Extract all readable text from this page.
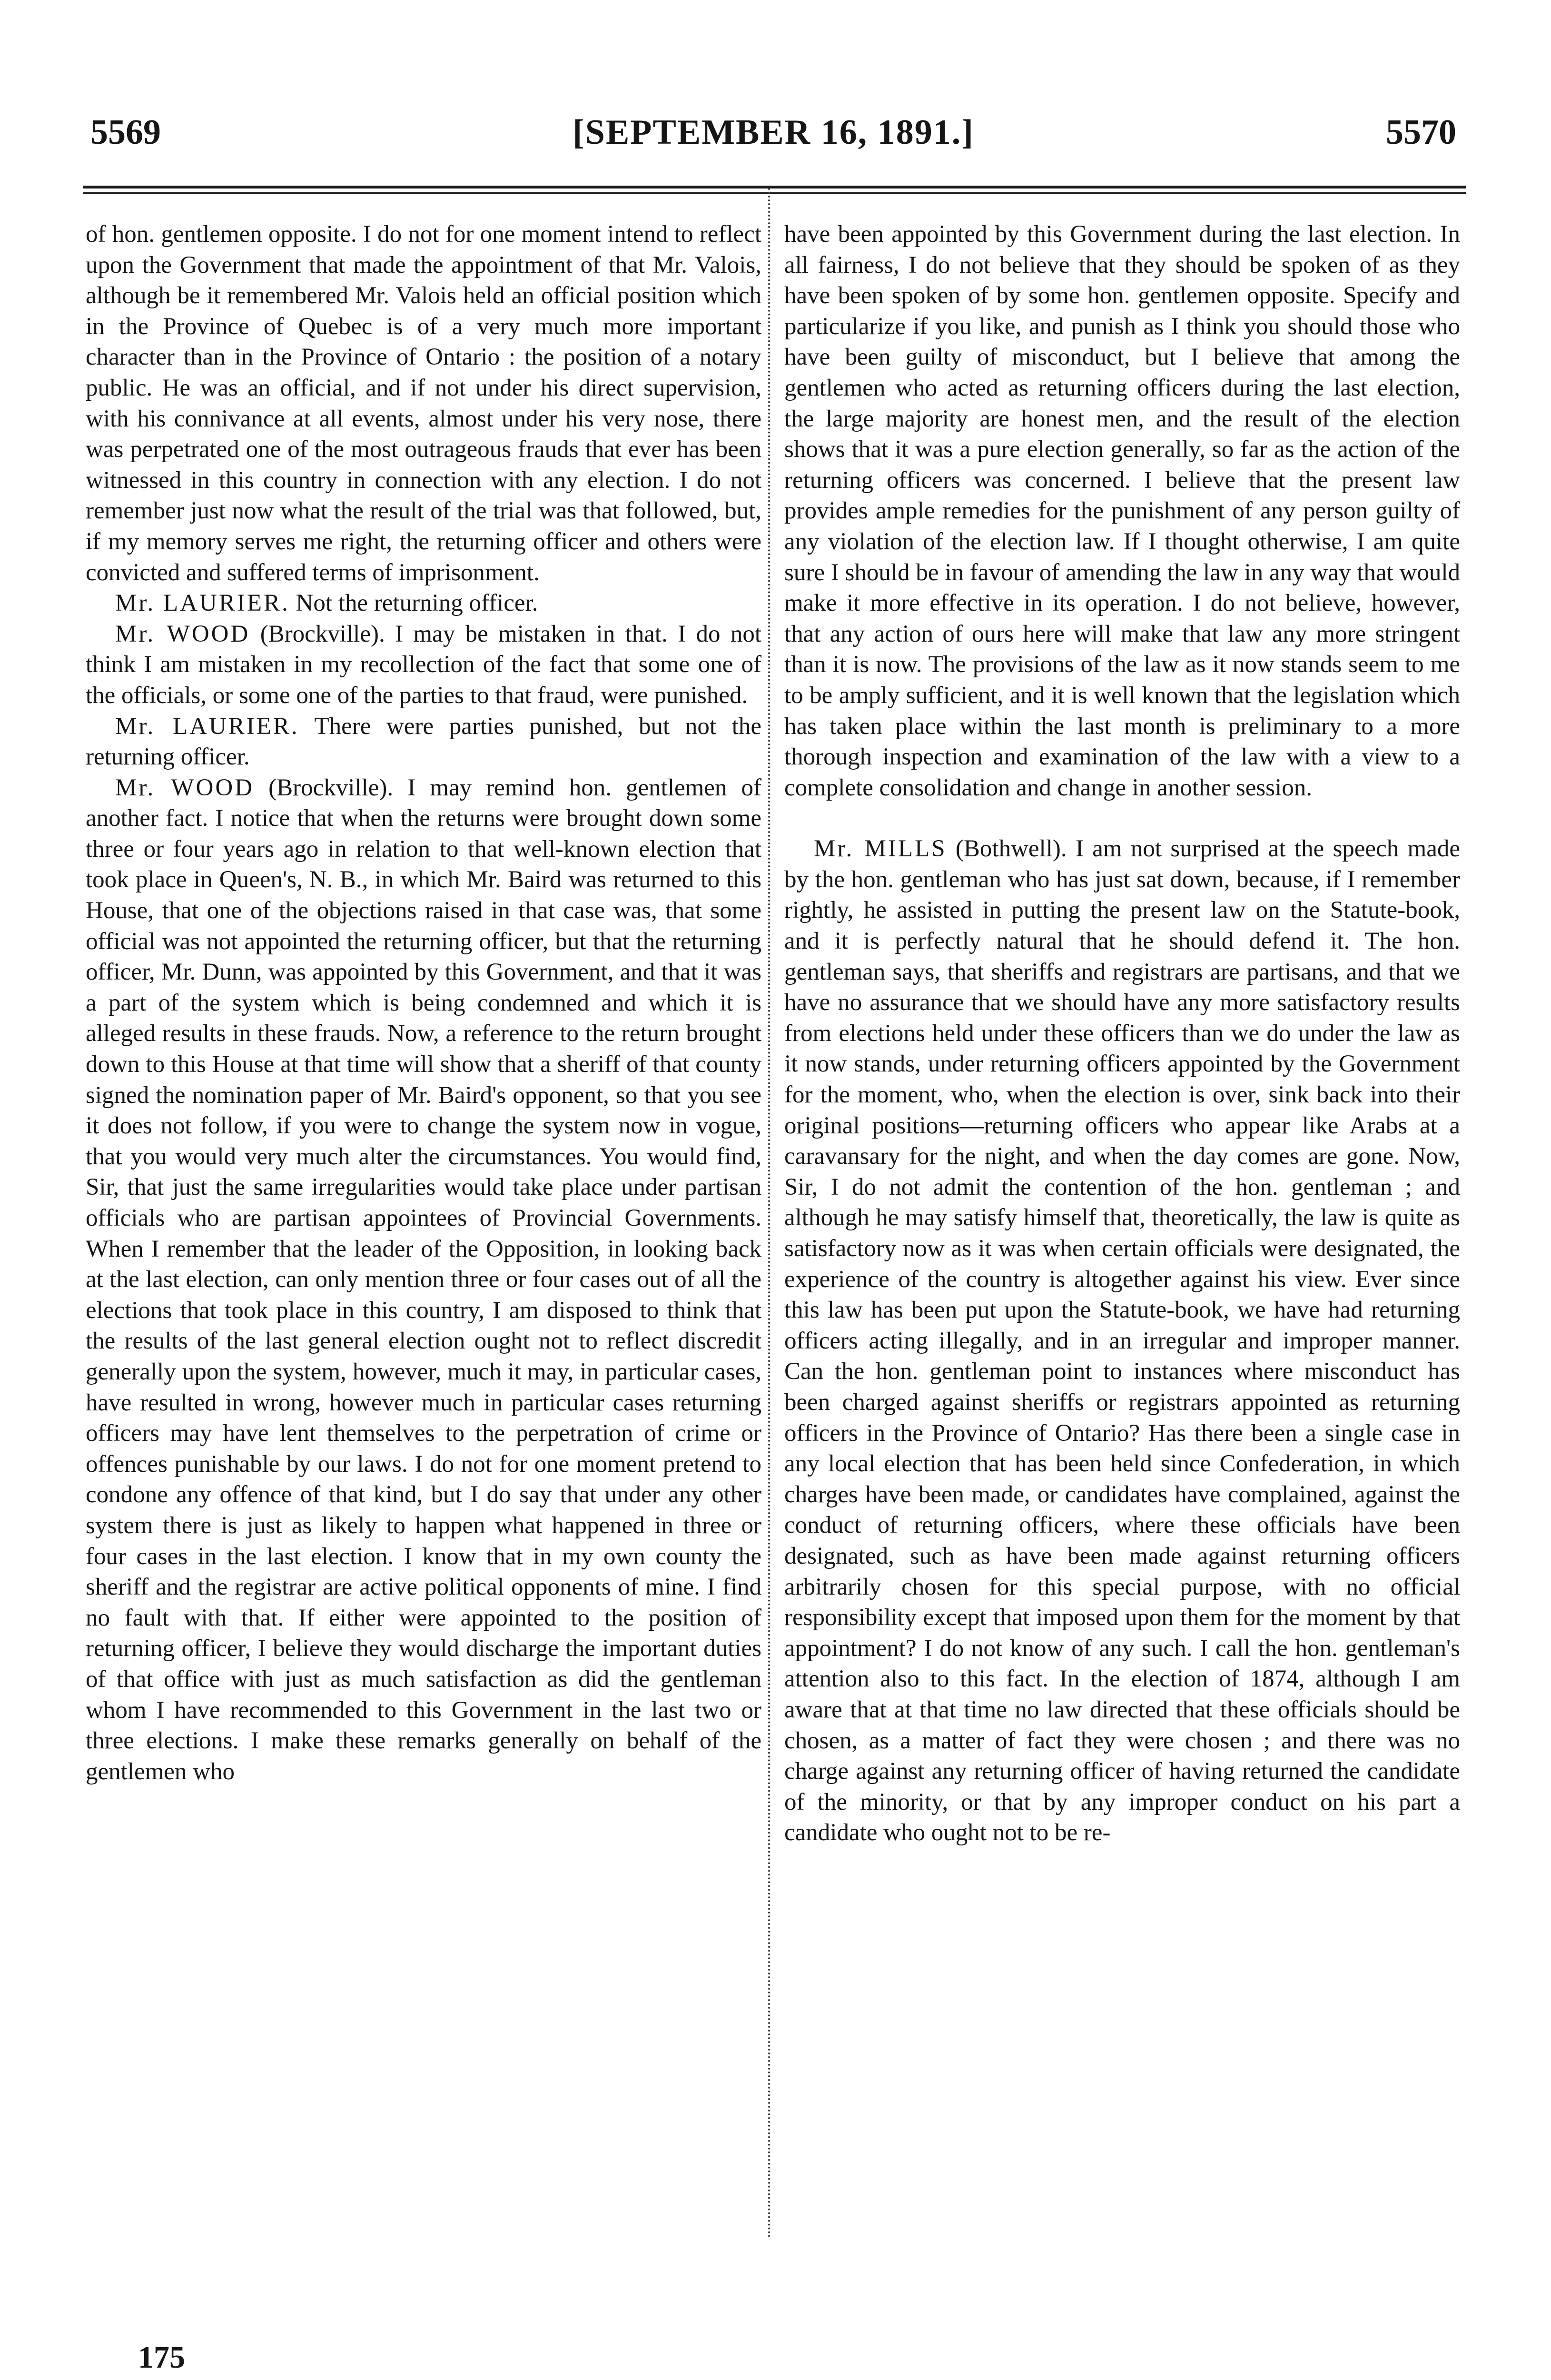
5569	[SEPTEMBER 16, 1891.]	5570

of hon. gentlemen opposite. I do not for one moment intend to reflect upon the Government that made the appointment of that Mr. Valois, although be it remembered Mr. Valois held an official position which in the Province of Quebec is of a very much more important character than in the Province of Ontario : the position of a notary public. He was an official, and if not under his direct supervision, with his connivance at all events, almost under his very nose, there was perpetrated one of the most outrageous frauds that ever has been witnessed in this country in connection with any election. I do not remember just now what the result of the trial was that followed, but, if my memory serves me right, the returning officer and others were convicted and suffered terms of imprisonment.

Mr. LAURIER. Not the returning officer.

Mr. WOOD (Brockville). I may be mistaken in that. I do not think I am mistaken in my recollection of the fact that some one of the officials, or some one of the parties to that fraud, were punished.

Mr. LAURIER. There were parties punished, but not the returning officer.

Mr. WOOD (Brockville). I may remind hon. gentlemen of another fact. I notice that when the returns were brought down some three or four years ago in relation to that well-known election that took place in Queen's, N. B., in which Mr. Baird was returned to this House, that one of the objections raised in that case was, that some official was not appointed the returning officer, but that the returning officer, Mr. Dunn, was appointed by this Government, and that it was a part of the system which is being condemned and which it is alleged results in these frauds. Now, a reference to the return brought down to this House at that time will show that a sheriff of that county signed the nomination paper of Mr. Baird's opponent, so that you see it does not follow, if you were to change the system now in vogue, that you would very much alter the circumstances. You would find, Sir, that just the same irregularities would take place under partisan officials who are partisan appointees of Provincial Governments. When I remember that the leader of the Opposition, in looking back at the last election, can only mention three or four cases out of all the elections that took place in this country, I am disposed to think that the results of the last general election ought not to reflect discredit generally upon the system, however, much it may, in particular cases, have resulted in wrong, however much in particular cases returning officers may have lent themselves to the perpetration of crime or offences punishable by our laws. I do not for one moment pretend to condone any offence of that kind, but I do say that under any other system there is just as likely to happen what happened in three or four cases in the last election. I know that in my own county the sheriff and the registrar are active political opponents of mine. I find no fault with that. If either were appointed to the position of returning officer, I believe they would discharge the important duties of that office with just as much satisfaction as did the gentleman whom I have recommended to this Government in the last two or three elections. I make these remarks generally on behalf of the gentlemen who

have been appointed by this Government during the last election. In all fairness, I do not believe that they should be spoken of as they have been spoken of by some hon. gentlemen opposite. Specify and particularize if you like, and punish as I think you should those who have been guilty of misconduct, but I believe that among the gentlemen who acted as returning officers during the last election, the large majority are honest men, and the result of the election shows that it was a pure election generally, so far as the action of the returning officers was concerned. I believe that the present law provides ample remedies for the punishment of any person guilty of any violation of the election law. If I thought otherwise, I am quite sure I should be in favour of amending the law in any way that would make it more effective in its operation. I do not believe, however, that any action of ours here will make that law any more stringent than it is now. The provisions of the law as it now stands seem to me to be amply sufficient, and it is well known that the legislation which has taken place within the last month is preliminary to a more thorough inspection and examination of the law with a view to a complete consolidation and change in another session.

Mr. MILLS (Bothwell). I am not surprised at the speech made by the hon. gentleman who has just sat down, because, if I remember rightly, he assisted in putting the present law on the Statute-book, and it is perfectly natural that he should defend it. The hon. gentleman says, that sheriffs and registrars are partisans, and that we have no assurance that we should have any more satisfactory results from elections held under these officers than we do under the law as it now stands, under returning officers appointed by the Government for the moment, who, when the election is over, sink back into their original positions—returning officers who appear like Arabs at a caravansary for the night, and when the day comes are gone. Now, Sir, I do not admit the contention of the hon. gentleman ; and although he may satisfy himself that, theoretically, the law is quite as satisfactory now as it was when certain officials were designated, the experience of the country is altogether against his view. Ever since this law has been put upon the Statute-book, we have had returning officers acting illegally, and in an irregular and improper manner. Can the hon. gentleman point to instances where misconduct has been charged against sheriffs or registrars appointed as returning officers in the Province of Ontario? Has there been a single case in any local election that has been held since Confederation, in which charges have been made, or candidates have complained, against the conduct of returning officers, where these officials have been designated, such as have been made against returning officers arbitrarily chosen for this special purpose, with no official responsibility except that imposed upon them for the moment by that appointment? I do not know of any such. I call the hon. gentleman's attention also to this fact. In the election of 1874, although I am aware that at that time no law directed that these officials should be chosen, as a matter of fact they were chosen ; and there was no charge against any returning officer of having returned the candidate of the minority, or that by any improper conduct on his part a candidate who ought not to be re-

175
